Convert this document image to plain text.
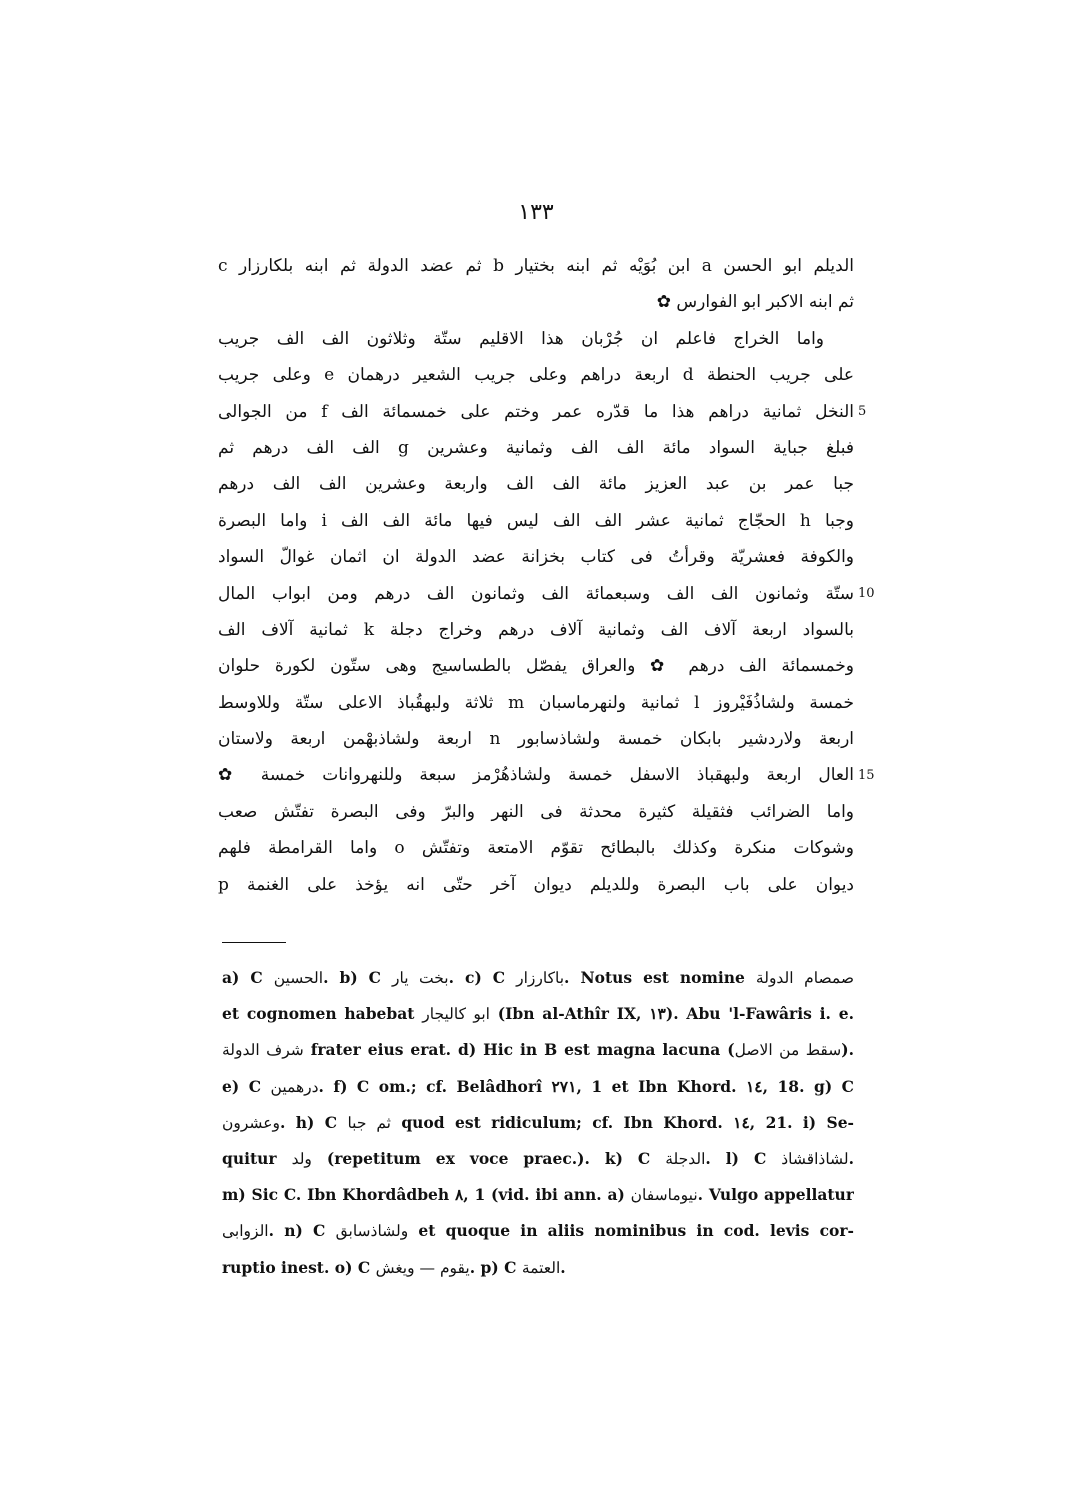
١٣٣
الديلم ابو الحسن a ابن بُوَيْه ثم ابنه بختيار b ثم عضد الدولة ثم ابنه بلكارزار c
ثم ابنه الاكبر ابو الفوارس ✿
واما الخراج فاعلم ان جُرْبان هذا الاقليم ستّة وثلاثون الف الف جريب
على جريب الحنطة d اربعة دراهم وعلى جريب الشعير درهمان e وعلى جريب
النخل ثمانية دراهم هذا ما قدّره عمر وختم على خمسمائة الف f من الجوالى
فبلغ جباية السواد مائة الف الف وثمانية وعشرين g الف الف درهم ثم
جبا عمر بن عبد العزيز مائة الف الف واربعة وعشرين الف الف درهم
وجبا h الحجّاج ثمانية عشر الف الف ليس فيها مائة الف الف i واما البصرة
والكوفة فعشريّة وقرأتُ فى كتاب بخزانة عضد الدولة ان اثمان غوالّ السواد
ستّة وثمانون الف الف وسبعمائة الف وثمانون الف درهم ومن ابواب المال
بالسواد اربعة آلاف الف وثمانية آلاف درهم وخراج دجلة k ثمانية آلاف الف
وخمسمائة الف درهم ✿ والعراق يفصّل بالطساسيج وهى ستّون لكورة حلوان
خمسة ولشاذُفَيْروز l ثمانية ولنهرماسبان m ثلاثة ولبهقُباذ الاعلى ستّة وللاوسط
اربعة ولاردشير بابكان خمسة ولشاذسابور n اربعة ولشاذبهْمن اربعة ولاستان
العال اربعة ولبهقباذ الاسفل خمسة ولشاذهُرْمز سبعة وللنهروانات خمسة ✿
واما الضرائب فثقيلة كثيرة محدثة فى النهر والبرّ وفى البصرة تفتّش صعب
وشوكات منكرة وكذلك بالبطائح تقوّم الامتعة وتفتّش o واما القرامطة فلهم
ديوان على باب البصرة وللديلم ديوان آخر حتّى انه يؤخذ على الغنمة p
a) C الحسين. b) C بخت يار. c) C باكارزار. Notus est nomine صمصام الدولة
et cognomen habebat ابو كاليجار (Ibn al-Athîr IX, ١٣). Abu 'l-Fawâris i. e.
شرف الدولة frater eius erat. d) Hic in B est magna lacuna (سقط من الاصل).
e) C درهمين. f) C om.; cf. Belâdhorî ٢٧١, 1 et Ibn Khord. ١٤, 18. g) C
وعشرون. h) C ثم جبا quod est ridiculum; cf. Ibn Khord. ١٤, 21. i) Se-
quitur ولد (repetitum ex voce praec.). k) C الدجلة. l) C لشاذاقشاذ.
m) Sic C. Ibn Khordâdbeh ٨, 1 (vid. ibi ann. a) نيوماسفان. Vulgo appellatur
الزوابى. n) C ولشاذسابق et quoque in aliis nominibus in cod. levis cor-
ruptio inest. o) C يقوم — ويغش. p) C العتمة.
5
10
15
